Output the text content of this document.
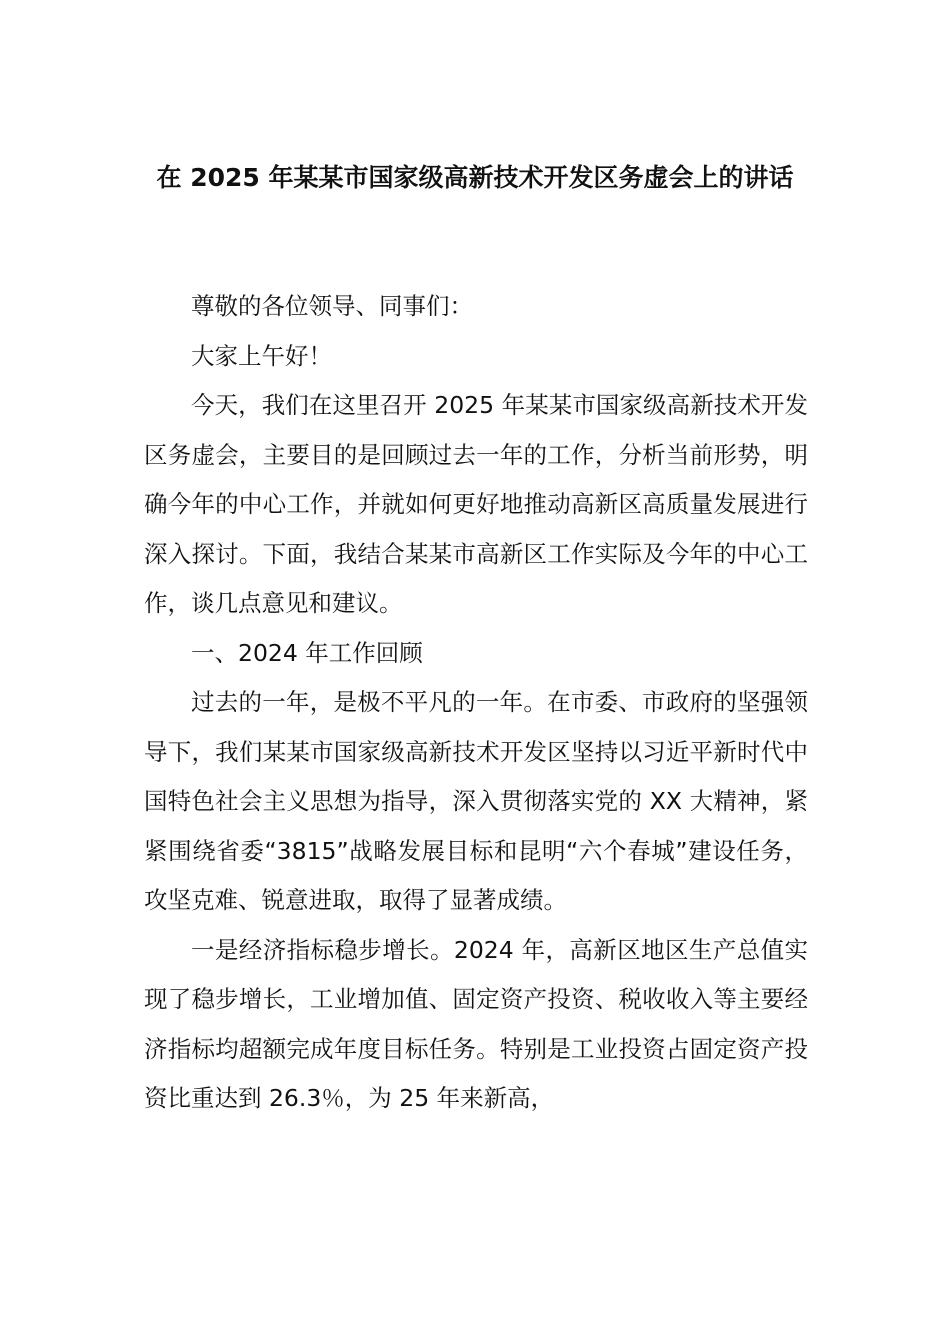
在 2025 年某某市国家级高新技术开发区务虚会上的讲话

尊敬的各位领导、同事们：

大家上午好！

今天，我们在这里召开 2025 年某某市国家级高新技术开发区务虚会，主要目的是回顾过去一年的工作，分析当前形势，明确今年的中心工作，并就如何更好地推动高新区高质量发展进行深入探讨。下面，我结合某某市高新区工作实际及今年的中心工作，谈几点意见和建议。

一、2024 年工作回顾

过去的一年，是极不平凡的一年。在市委、市政府的坚强领导下，我们某某市国家级高新技术开发区坚持以习近平新时代中国特色社会主义思想为指导，深入贯彻落实党的 XX 大精神，紧紧围绕省委“3815”战略发展目标和昆明“六个春城”建设任务，攻坚克难、锐意进取，取得了显著成绩。

一是经济指标稳步增长。2024 年，高新区地区生产总值实现了稳步增长，工业增加值、固定资产投资、税收收入等主要经济指标均超额完成年度目标任务。特别是工业投资占固定资产投资比重达到 26.3％，为 25 年来新高，
